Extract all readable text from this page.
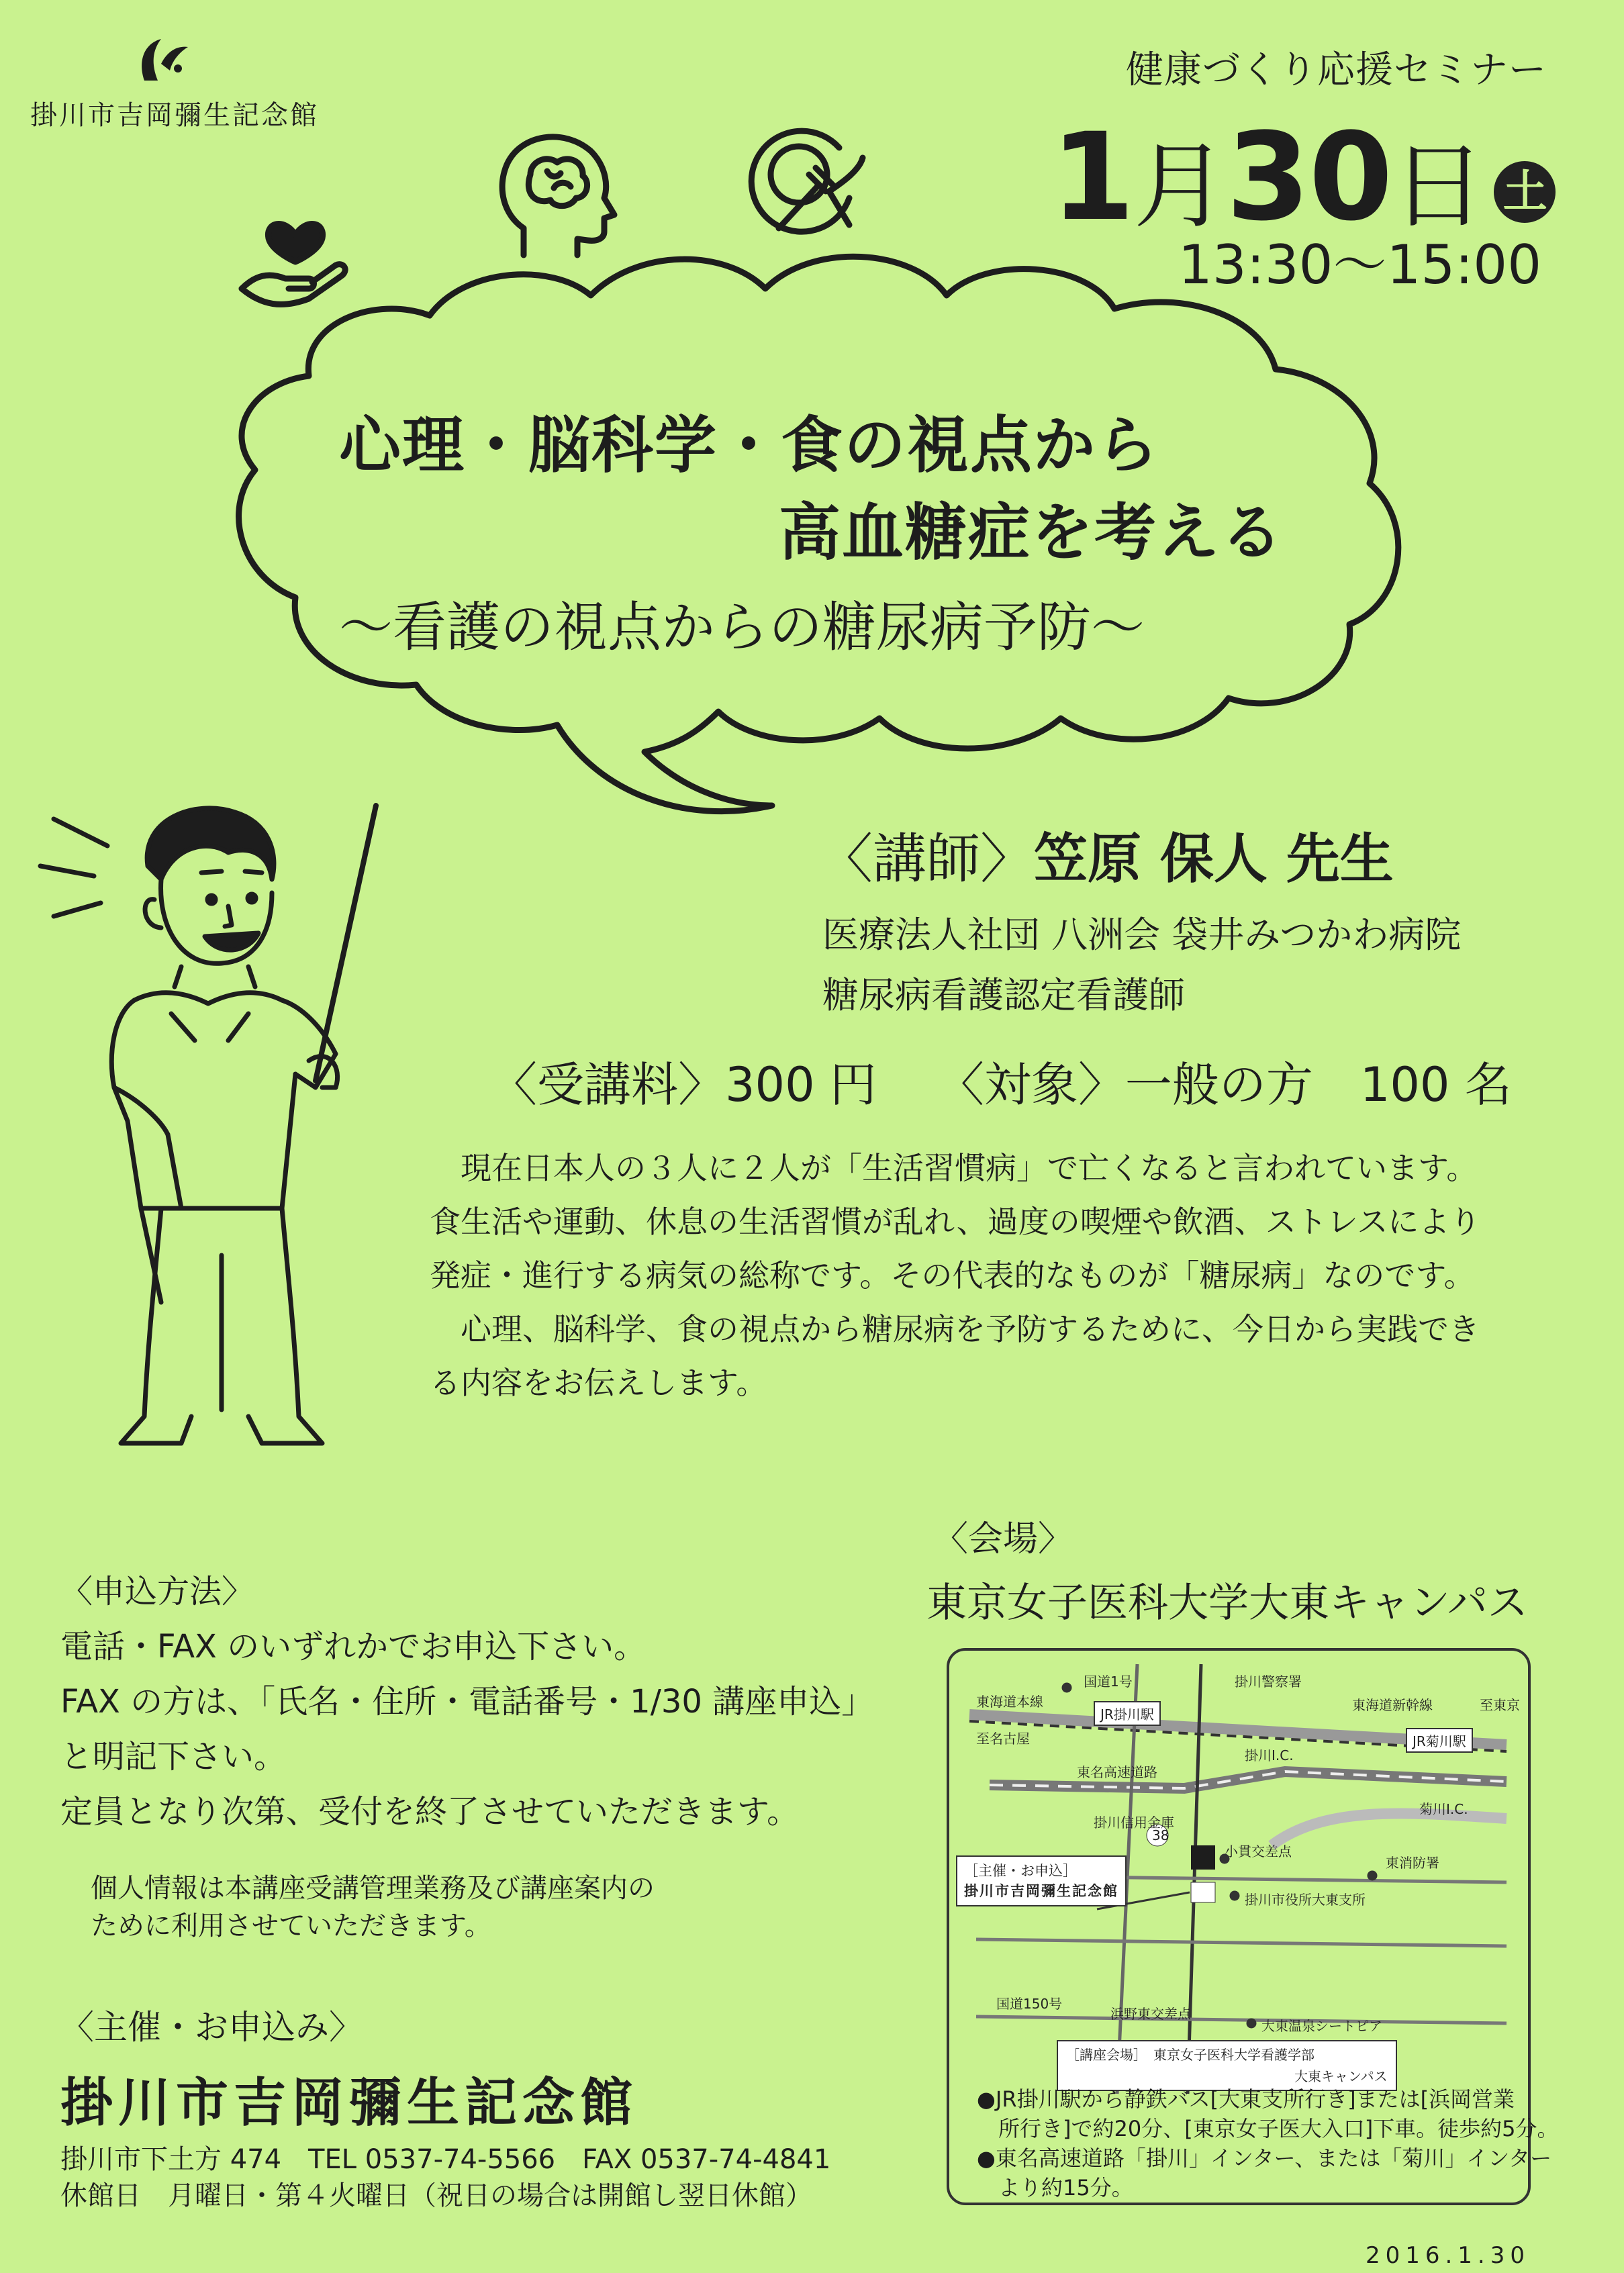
掛川市吉岡彌生記念館
健康づくり応援セミナー
1月30日 土
13:30〜15:00
心理・脳科学・食の視点から
高血糖症を考える
〜看護の視点からの糖尿病予防〜
〈講師〉笠原 保人 先生
医療法人社団 八洲会 袋井みつかわ病院
糖尿病看護認定看護師
〈受講料〉300 円 〈対象〉一般の方　100 名

現在日本人の３人に２人が「生活習慣病」で亡くなると言われています。

食生活や運動、休息の生活習慣が乱れ、過度の喫煙や飲酒、ストレスにより

発症・進行する病気の総称です。その代表的なものが「糖尿病」なのです。

心理、脳科学、食の視点から糖尿病を予防するために、今日から実践でき

る内容をお伝えします。

〈申込方法〉

電話・FAX のいずれかでお申込下さい。

FAX の方は、「氏名・住所・電話番号・1/30 講座申込」

と明記下さい。

定員となり次第、受付を終了させていただきます。

個人情報は本講座受講管理業務及び講座案内の

ために利用させていただきます。

〈主催・お申込み〉
掛川市吉岡彌生記念館

掛川市下土方 474　TEL 0537-74-5566　FAX 0537-74-4841

休館日　月曜日・第４火曜日（祝日の場合は開館し翌日休館）

〈会場〉
東京女子医科大学大東キャンパス
国道1号	掛川警察署
東海道本線
JR掛川駅
東海道新幹線	至東京
至名古屋	JR菊川駅
掛川I.C.
東名高速道路
菊川I.C.
掛川信用金庫
38
小貫交差点
東消防署
［主催・お申込］
掛川市吉岡彌生記念館
掛川市役所大東支所
国道150号
浜野東交差点
大東温泉シートピア
［講座会場］　 東京女子医科大学看護学部
大東キャンパス

●JR掛川駅から静鉄バス[大東支所行き]または[浜岡営業

　所行き]で約20分、[東京女子医大入口]下車。徒歩約5分。

●東名高速道路「掛川」インター、または「菊川」インター

　より約15分。

2016.1.30
